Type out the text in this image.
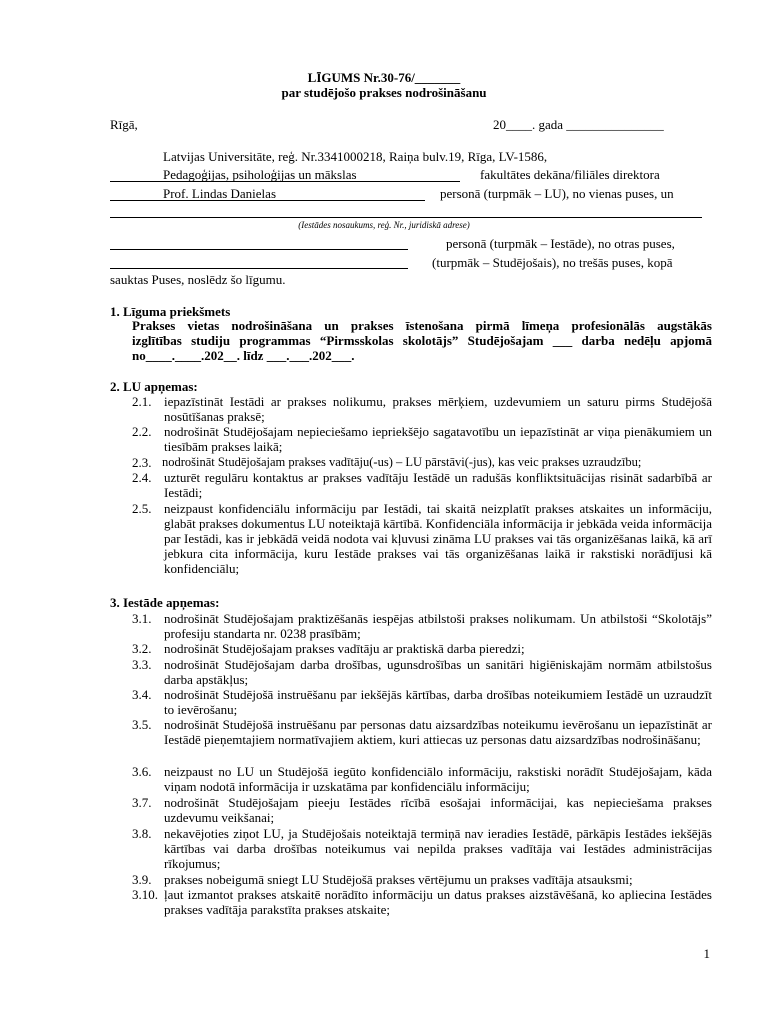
LĪGUMS Nr.30-76/_______
par studējošo prakses nodrošināšanu
Rīgā,	20____. gada _______________
Latvijas Universitāte, reģ. Nr.3341000218, Raiņa bulv.19, Rīga, LV-1586,
Pedagoģijas, psiholoģijas un mākslas	fakultātes dekāna/filiāles direktora
Prof. Lindas Danielas	personā (turpmāk – LU), no vienas puses, un
(Iestādes nosaukums, reģ. Nr., juridiskā adrese)
personā (turpmāk – Iestāde), no otras puses,
(turpmāk – Studējošais), no trešās puses, kopā
sauktas Puses, noslēdz šo līgumu.
1. Līguma priekšmets
Prakses vietas nodrošināšana un prakses īstenošana pirmā līmeņa profesionālās augstākās
izglītības studiju programmas “Pirmsskolas skolotājs” Studējošajam ___ darba nedēļu apjomā
no____.____.202__. līdz ___.___.202___.
2. LU apņemas:
2.1. iepazīstināt Iestādi ar prakses nolikumu, prakses mērķiem, uzdevumiem un saturu pirms Studējošā nosūtīšanas praksē;
2.2. nodrošināt Studējošajam nepieciešamo iepriekšējo sagatavotību un iepazīstināt ar viņa pienākumiem un tiesībām prakses laikā;
2.3. nodrošināt Studējošajam prakses vadītāju(-us) – LU pārstāvi(-jus), kas veic prakses uzraudzību;
2.4. uzturēt regulāru kontaktus ar prakses vadītāju Iestādē un radušās konfliktsituācijas risināt sadarbībā ar Iestādi;
2.5. neizpaust konfidenciālu informāciju par Iestādi, tai skaitā neizplatīt prakses atskaites un informāciju, glabāt prakses dokumentus LU noteiktajā kārtībā. Konfidenciāla informācija ir jebkāda veida informācija par Iestādi, kas ir jebkādā veidā nodota vai kļuvusi zināma LU prakses vai tās organizēšanas laikā, kā arī jebkura cita informācija, kuru Iestāde prakses vai tās organizēšanas laikā ir rakstiski norādījusi kā konfidenciālu;
3. Iestāde apņemas:
3.1. nodrošināt Studējošajam praktizēšanās iespējas atbilstoši prakses nolikumam. Un atbilstoši “Skolotājs” profesiju standarta nr. 0238 prasībām;
3.2. nodrošināt Studējošajam prakses vadītāju ar praktiskā darba pieredzi;
3.3. nodrošināt Studējošajam darba drošības, ugunsdrošības un sanitāri higiēniskajām normām atbilstošus darba apstākļus;
3.4. nodrošināt Studējošā instruēšanu par iekšējās kārtības, darba drošības noteikumiem Iestādē un uzraudzīt to ievērošanu;
3.5. nodrošināt Studējošā instruēšanu par personas datu aizsardzības noteikumu ievērošanu un iepazīstināt ar Iestādē pieņemtajiem normatīvajiem aktiem, kuri attiecas uz personas datu aizsardzības nodrošināšanu;
3.6. neizpaust no LU un Studējošā iegūto konfidenciālo informāciju, rakstiski norādīt Studējošajam, kāda viņam nodotā informācija ir uzskatāma par konfidenciālu informāciju;
3.7. nodrošināt Studējošajam pieeju Iestādes rīcībā esošajai informācijai, kas nepieciešama prakses uzdevumu veikšanai;
3.8. nekavējoties ziņot LU, ja Studējošais noteiktajā termiņā nav ieradies Iestādē, pārkāpis Iestādes iekšējās kārtības vai darba drošības noteikumus vai nepilda prakses vadītāja vai Iestādes administrācijas rīkojumus;
3.9. prakses nobeigumā sniegt LU Studējošā prakses vērtējumu un prakses vadītāja atsauksmi;
3.10. ļaut izmantot prakses atskaitē norādīto informāciju un datus prakses aizstāvēšanā, ko apliecina Iestādes prakses vadītāja parakstīta prakses atskaite;
1
